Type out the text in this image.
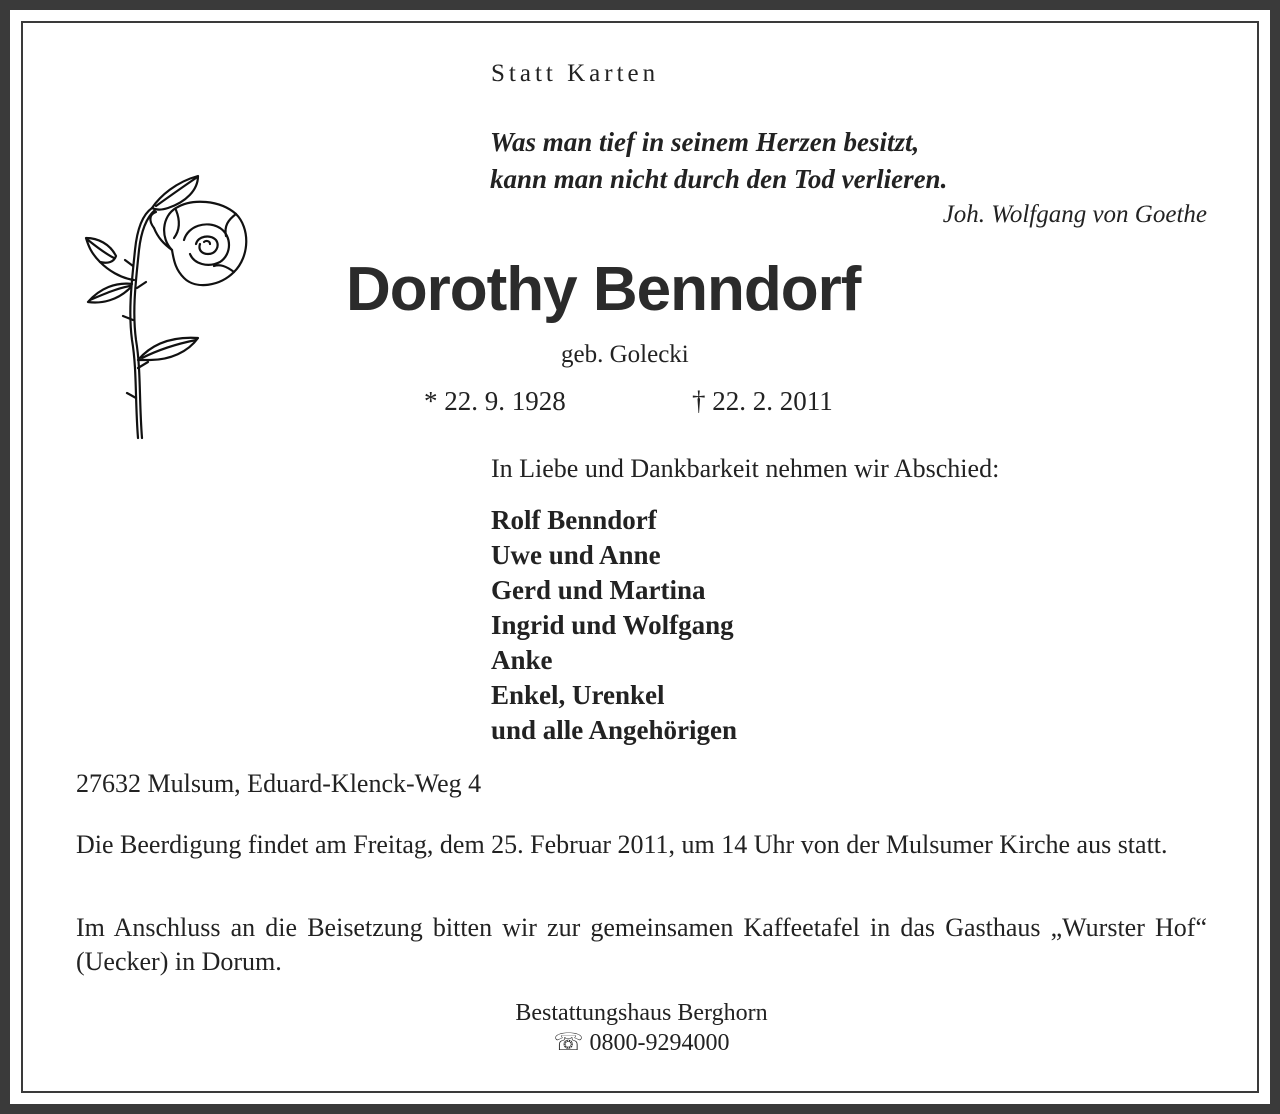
Statt Karten
Was man tief in seinem Herzen besitzt,
kann man nicht durch den Tod verlieren.
Joh. Wolfgang von Goethe
Dorothy Benndorf
geb. Golecki
* 22. 9. 1928	† 22. 2. 2011
In Liebe und Dankbarkeit nehmen wir Abschied:
Rolf Benndorf
Uwe und Anne
Gerd und Martina
Ingrid und Wolfgang
Anke
Enkel, Urenkel
und alle Angehörigen
27632 Mulsum, Eduard-Klenck-Weg 4
Die Beerdigung findet am Freitag, dem 25. Februar 2011, um 14 Uhr von der Mulsumer Kirche aus statt.
Im Anschluss an die Beisetzung bitten wir zur gemeinsamen Kaffeetafel in das Gasthaus „Wurster Hof“ (Uecker) in Dorum.
Bestattungshaus Berghorn
☏ 0800-9294000
